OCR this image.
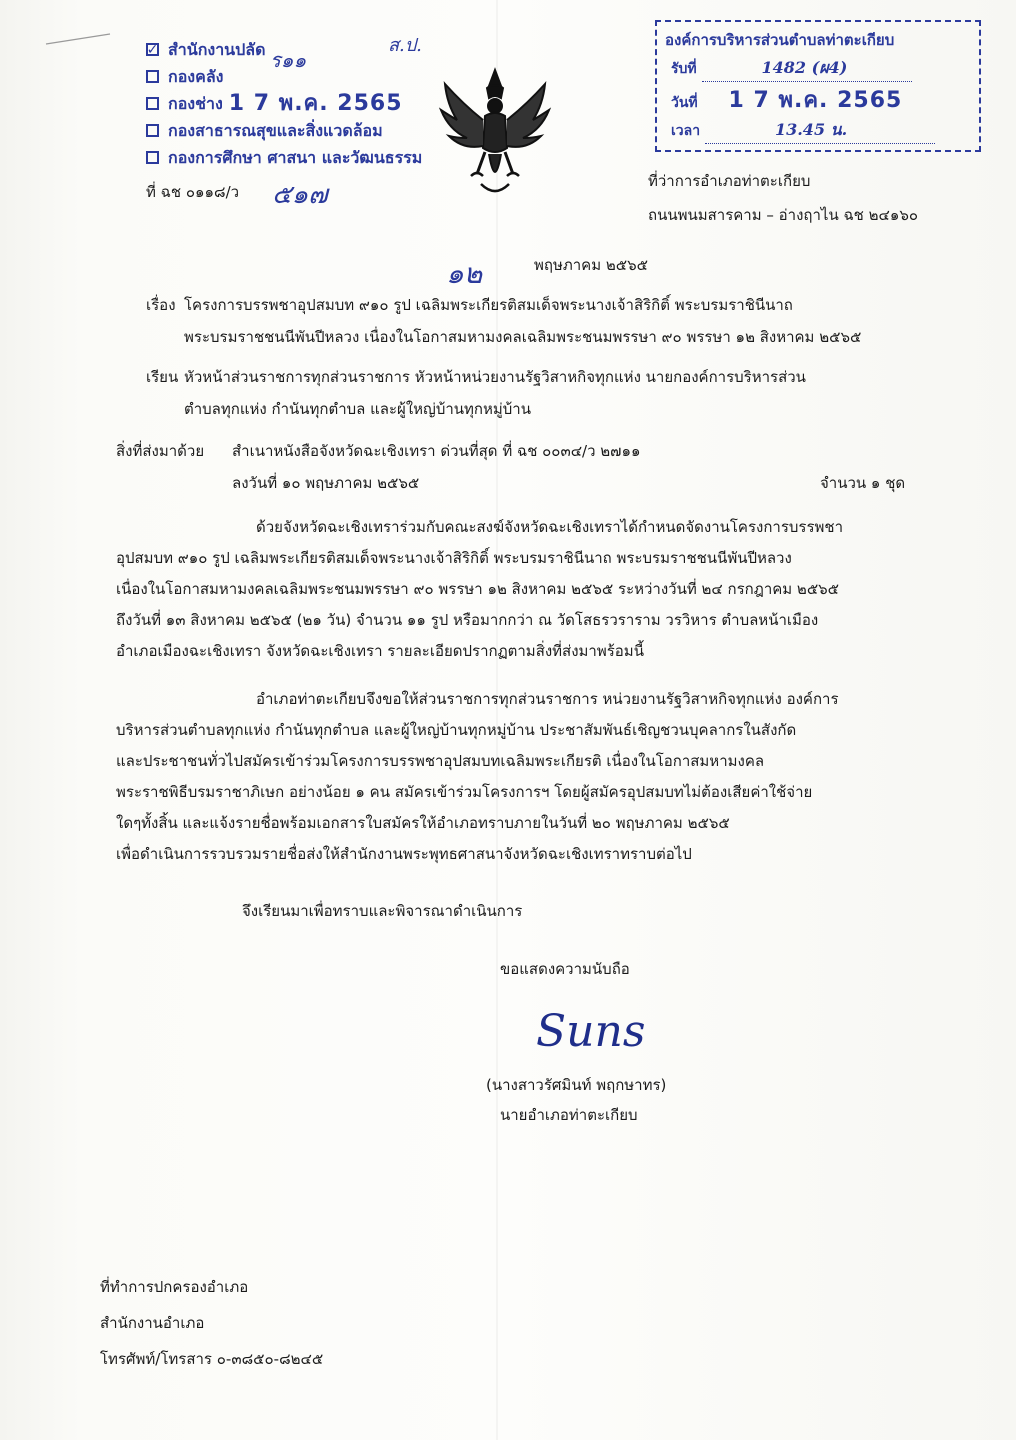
✓ สำนักงานปลัด
กองคลัง
กองช่าง 1 7 พ.ค. 2565
กองสาธารณสุขและสิ่งแวดล้อม
กองการศึกษา ศาสนา และวัฒนธรรม
ส.ป.
ร๑๑
องค์การบริหารส่วนตำบลท่าตะเกียบ
รับที่	1482 (ผ4)
วันที่ 1 7 พ.ค. 2565
เวลา	13.45 น.
ที่ ฉช ๐๑๑๘/ว ๕๑๗	ที่ว่าการอำเภอท่าตะเกียบ
ถนนพนมสารคาม – อ่างฤาไน ฉช ๒๔๑๖๐
๑๒	พฤษภาคม ๒๕๖๕
เรื่อง โครงการบรรพชาอุปสมบท ๙๑๐ รูป เฉลิมพระเกียรติสมเด็จพระนางเจ้าสิริกิติ์ พระบรมราชินีนาถ
พระบรมราชชนนีพันปีหลวง เนื่องในโอกาสมหามงคลเฉลิมพระชนมพรรษา ๙๐ พรรษา ๑๒ สิงหาคม ๒๕๖๕
เรียน หัวหน้าส่วนราชการทุกส่วนราชการ หัวหน้าหน่วยงานรัฐวิสาหกิจทุกแห่ง นายกองค์การบริหารส่วน
ตำบลทุกแห่ง กำนันทุกตำบล และผู้ใหญ่บ้านทุกหมู่บ้าน
สิ่งที่ส่งมาด้วย สำเนาหนังสือจังหวัดฉะเชิงเทรา ด่วนที่สุด ที่ ฉช ๐๐๓๔/ว ๒๗๑๑
ลงวันที่ ๑๐ พฤษภาคม ๒๕๖๕	จำนวน ๑ ชุด
ด้วยจังหวัดฉะเชิงเทราร่วมกับคณะสงฆ์จังหวัดฉะเชิงเทราได้กำหนดจัดงานโครงการบรรพชา
อุปสมบท ๙๑๐ รูป เฉลิมพระเกียรติสมเด็จพระนางเจ้าสิริกิติ์ พระบรมราชินีนาถ พระบรมราชชนนีพันปีหลวง
เนื่องในโอกาสมหามงคลเฉลิมพระชนมพรรษา ๙๐ พรรษา ๑๒ สิงหาคม ๒๕๖๕ ระหว่างวันที่ ๒๔ กรกฎาคม ๒๕๖๕
ถึงวันที่ ๑๓ สิงหาคม ๒๕๖๕ (๒๑ วัน) จำนวน ๑๑ รูป หรือมากกว่า ณ วัดโสธรวราราม วรวิหาร ตำบลหน้าเมือง
อำเภอเมืองฉะเชิงเทรา จังหวัดฉะเชิงเทรา รายละเอียดปรากฏตามสิ่งที่ส่งมาพร้อมนี้
อำเภอท่าตะเกียบจึงขอให้ส่วนราชการทุกส่วนราชการ หน่วยงานรัฐวิสาหกิจทุกแห่ง องค์การ
บริหารส่วนตำบลทุกแห่ง กำนันทุกตำบล และผู้ใหญ่บ้านทุกหมู่บ้าน ประชาสัมพันธ์เชิญชวนบุคลากรในสังกัด
และประชาชนทั่วไปสมัครเข้าร่วมโครงการบรรพชาอุปสมบทเฉลิมพระเกียรติ เนื่องในโอกาสมหามงคล
พระราชพิธีบรมราชาภิเษก อย่างน้อย ๑ คน สมัครเข้าร่วมโครงการฯ โดยผู้สมัครอุปสมบทไม่ต้องเสียค่าใช้จ่าย
ใดๆทั้งสิ้น และแจ้งรายชื่อพร้อมเอกสารใบสมัครให้อำเภอทราบภายในวันที่ ๒๐ พฤษภาคม ๒๕๖๕
เพื่อดำเนินการรวบรวมรายชื่อส่งให้สำนักงานพระพุทธศาสนาจังหวัดฉะเชิงเทราทราบต่อไป
จึงเรียนมาเพื่อทราบและพิจารณาดำเนินการ
ขอแสดงความนับถือ
Suns
(นางสาวรัศมินท์ พฤกษาทร)
นายอำเภอท่าตะเกียบ
ที่ทำการปกครองอำเภอ
สำนักงานอำเภอ
โทรศัพท์/โทรสาร ๐-๓๘๕๐-๘๒๔๕
